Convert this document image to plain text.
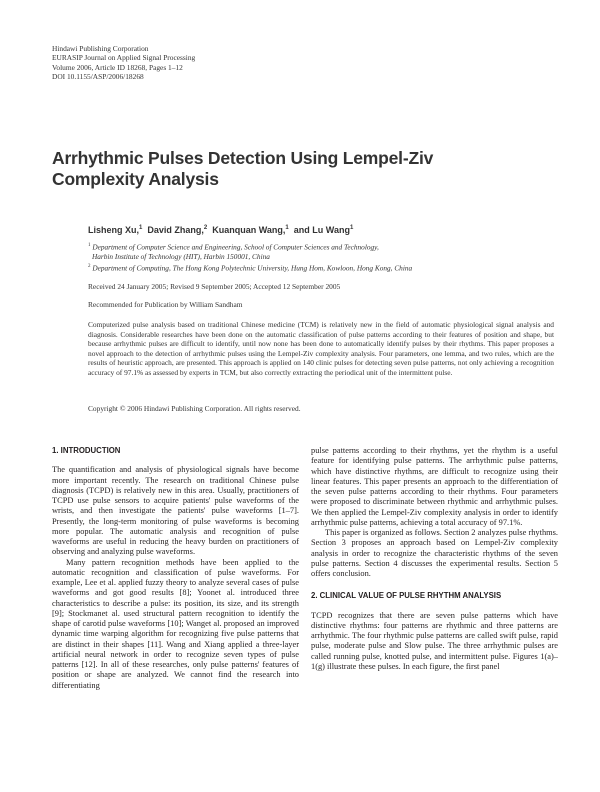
Hindawi Publishing Corporation
EURASIP Journal on Applied Signal Processing
Volume 2006, Article ID 18268, Pages 1–12
DOI 10.1155/ASP/2006/18268
Arrhythmic Pulses Detection Using Lempel-Ziv
Complexity Analysis
Lisheng Xu,$^1$ David Zhang,$^2$ Kuanquan Wang,$^1$ and Lu Wang$^1$
$^1$ Department of Computer Science and Engineering, School of Computer Sciences and Technology,
Harbin Institute of Technology (HIT), Harbin 150001, China
$^2$ Department of Computing, The Hong Kong Polytechnic University, Hung Hom, Kowloon, Hong Kong, China
Received 24 January 2005; Revised 9 September 2005; Accepted 12 September 2005
Recommended for Publication by William Sandham
Computerized pulse analysis based on traditional Chinese medicine (TCM) is relatively new in the field of automatic physiological signal analysis and diagnosis. Considerable researches have been done on the automatic classification of pulse patterns according to their features of position and shape, but because arrhythmic pulses are difficult to identify, until now none has been done to automatically identify pulses by their rhythms. This paper proposes a novel approach to the detection of arrhythmic pulses using the Lempel-Ziv complexity analysis. Four parameters, one lemma, and two rules, which are the results of heuristic approach, are presented. This approach is applied on 140 clinic pulses for detecting seven pulse patterns, not only achieving a recognition accuracy of 97.1% as assessed by experts in TCM, but also correctly extracting the periodical unit of the intermittent pulse.
Copyright © 2006 Hindawi Publishing Corporation. All rights reserved.
1. INTRODUCTION

The quantification and analysis of physiological signals have become more important recently. The research on traditional Chinese pulse diagnosis (TCPD) is relatively new in this area. Usually, practitioners of TCPD use pulse sensors to acquire patients' pulse waveforms of the wrists, and then investigate the patients' pulse waveforms [1–7]. Presently, the long-term monitoring of pulse waveforms is becoming more popular. The automatic analysis and recognition of pulse waveforms are useful in reducing the heavy burden on practitioners of observing and analyzing pulse waveforms.

Many pattern recognition methods have been applied to the automatic recognition and classification of pulse waveforms. For example, Lee et al. applied fuzzy theory to analyze several cases of pulse waveforms and got good results [8]; Yoonet al. introduced three characteristics to describe a pulse: its position, its size, and its strength [9]; Stockmanet al. used structural pattern recognition to identify the shape of carotid pulse waveforms [10]; Wanget al. proposed an improved dynamic time warping algorithm for recognizing five pulse patterns that are distinct in their shapes [11]. Wang and Xiang applied a three-layer artificial neural network in order to recognize seven types of pulse patterns [12]. In all of these researches, only pulse patterns' features of position or shape are analyzed. We cannot find the research into differentiating

pulse patterns according to their rhythms, yet the rhythm is a useful feature for identifying pulse patterns. The arrhythmic pulse patterns, which have distinctive rhythms, are difficult to recognize using their linear features. This paper presents an approach to the differentiation of the seven pulse patterns according to their rhythms. Four parameters were proposed to discriminate between rhythmic and arrhythmic pulses. We then applied the Lempel-Ziv complexity analysis in order to identify arrhythmic pulse patterns, achieving a total accuracy of 97.1%.

This paper is organized as follows. Section 2 analyzes pulse rhythms. Section 3 proposes an approach based on Lempel-Ziv complexity analysis in order to recognize the characteristic rhythms of the seven pulse patterns. Section 4 discusses the experimental results. Section 5 offers conclusion.

2. CLINICAL VALUE OF PULSE RHYTHM ANALYSIS

TCPD recognizes that there are seven pulse patterns which have distinctive rhythms: four patterns are rhythmic and three patterns are arrhythmic. The four rhythmic pulse patterns are called swift pulse, rapid pulse, moderate pulse and Slow pulse. The three arrhythmic pulses are called running pulse, knotted pulse, and intermittent pulse. Figures 1(a)–1(g) illustrate these pulses. In each figure, the first panel
